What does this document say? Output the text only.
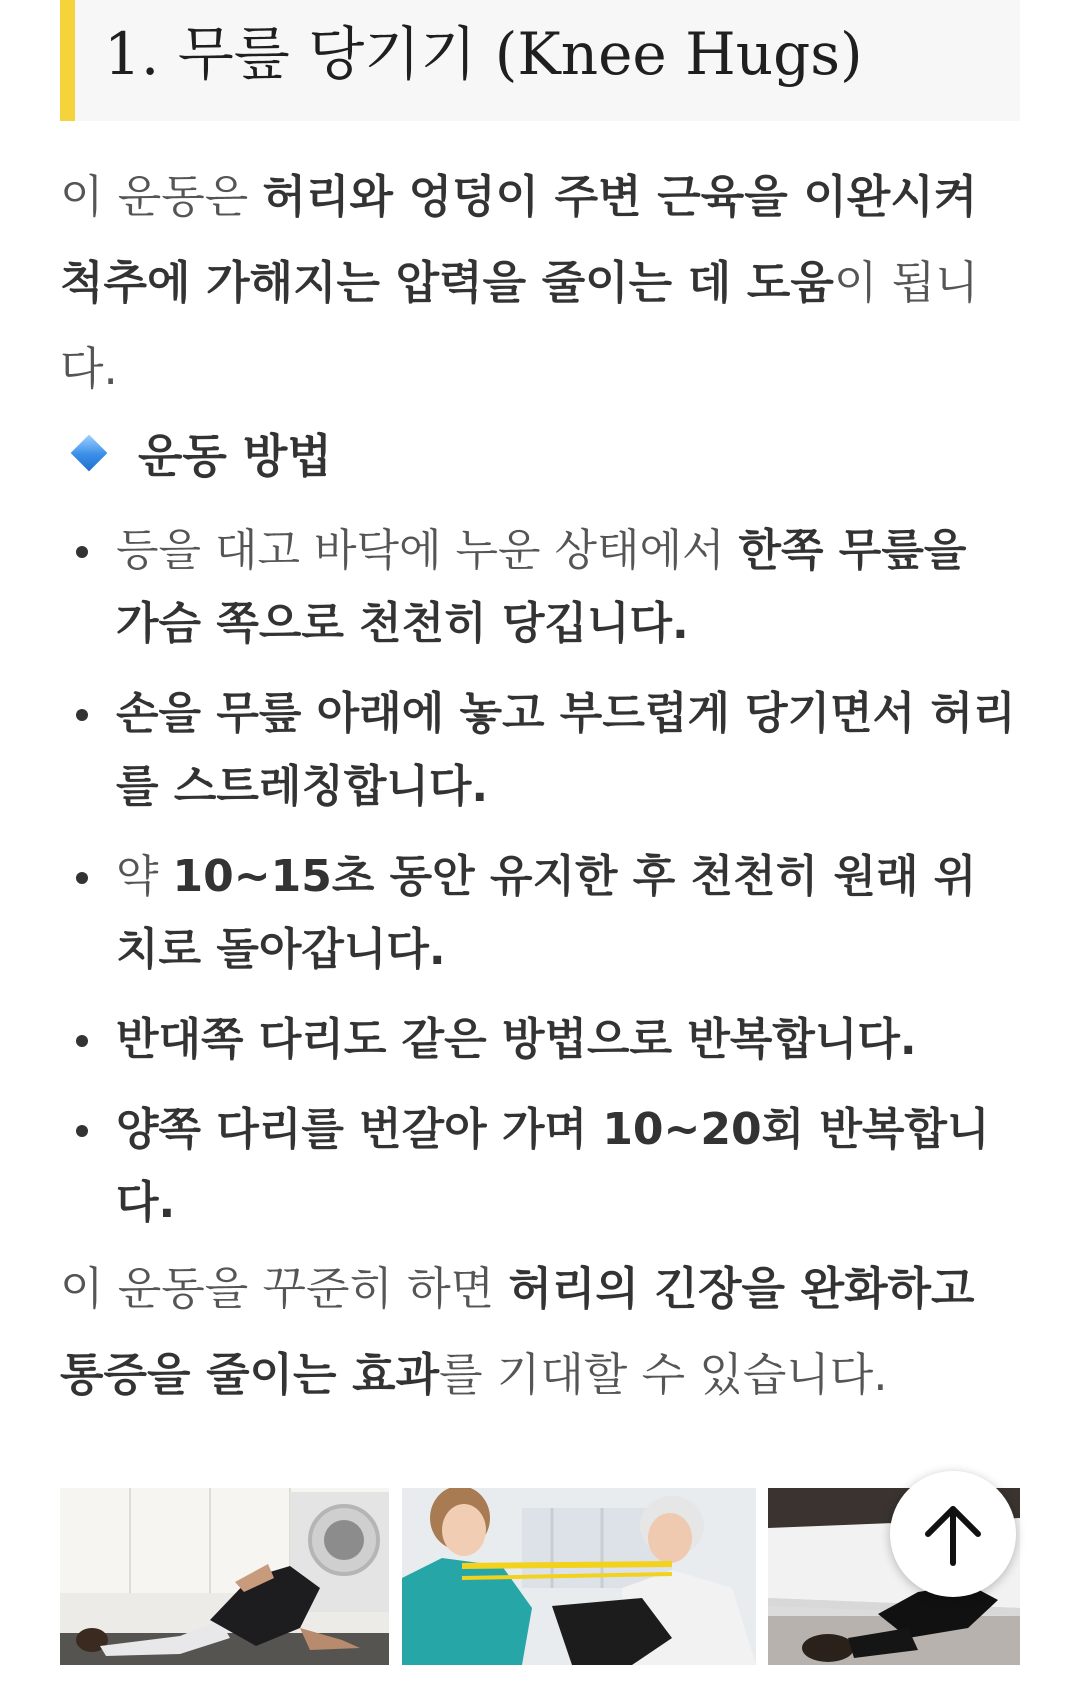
1. 무릎 당기기 (Knee Hugs)

이 운동은 허리와 엉덩이 주변 근육을 이완시켜 척추에 가해지는 압력을 줄이는 데 도움이 됩니다.

운동 방법
등을 대고 바닥에 누운 상태에서 한쪽 무릎을 가슴 쪽으로 천천히 당깁니다.
손을 무릎 아래에 놓고 부드럽게 당기면서 허리를 스트레칭합니다.
약 10~15초 동안 유지한 후 천천히 원래 위치로 돌아갑니다.
반대쪽 다리도 같은 방법으로 반복합니다.
양쪽 다리를 번갈아 가며 10~20회 반복합니다.

이 운동을 꾸준히 하면 허리의 긴장을 완화하고 통증을 줄이는 효과를 기대할 수 있습니다.
